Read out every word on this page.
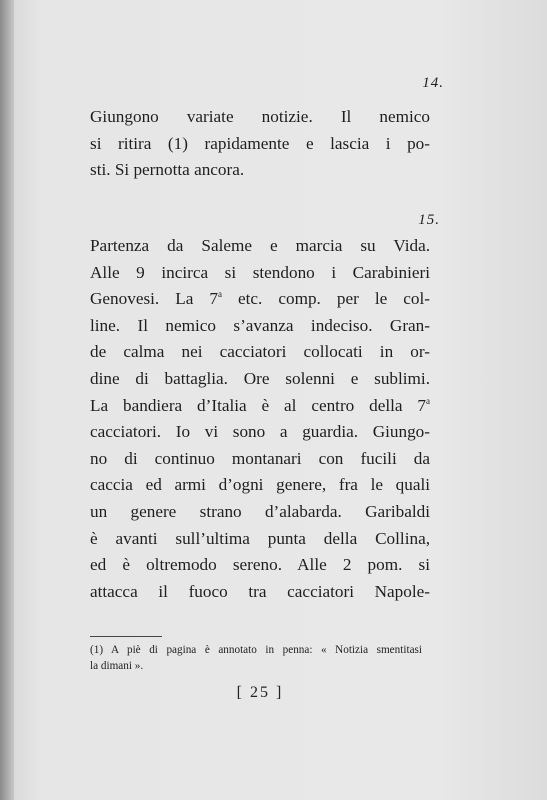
14.
Giungono variate notizie. Il nemico
si ritira (1) rapidamente e lascia i po-
sti. Si pernotta ancora.
15.
Partenza da Saleme e marcia su Vida.
Alle 9 incirca si stendono i Carabinieri
Genovesi. La 7$^a$ etc. comp. per le col-
line. Il nemico s’avanza indeciso. Gran-
de calma nei cacciatori collocati in or-
dine di battaglia. Ore solenni e sublimi.
La bandiera d’Italia è al centro della 7$^a$
cacciatori. Io vi sono a guardia. Giungo-
no di continuo montanari con fucili da
caccia ed armi d’ogni genere, fra le quali
un genere strano d’alabarda. Garibaldi
è avanti sull’ultima punta della Collina,
ed è oltremodo sereno. Alle 2 pom. si
attacca il fuoco tra cacciatori Napole-
(1) A piè di pagina è annotato in penna: « Notizia smentitasi
la dimani ».
[ 25 ]
